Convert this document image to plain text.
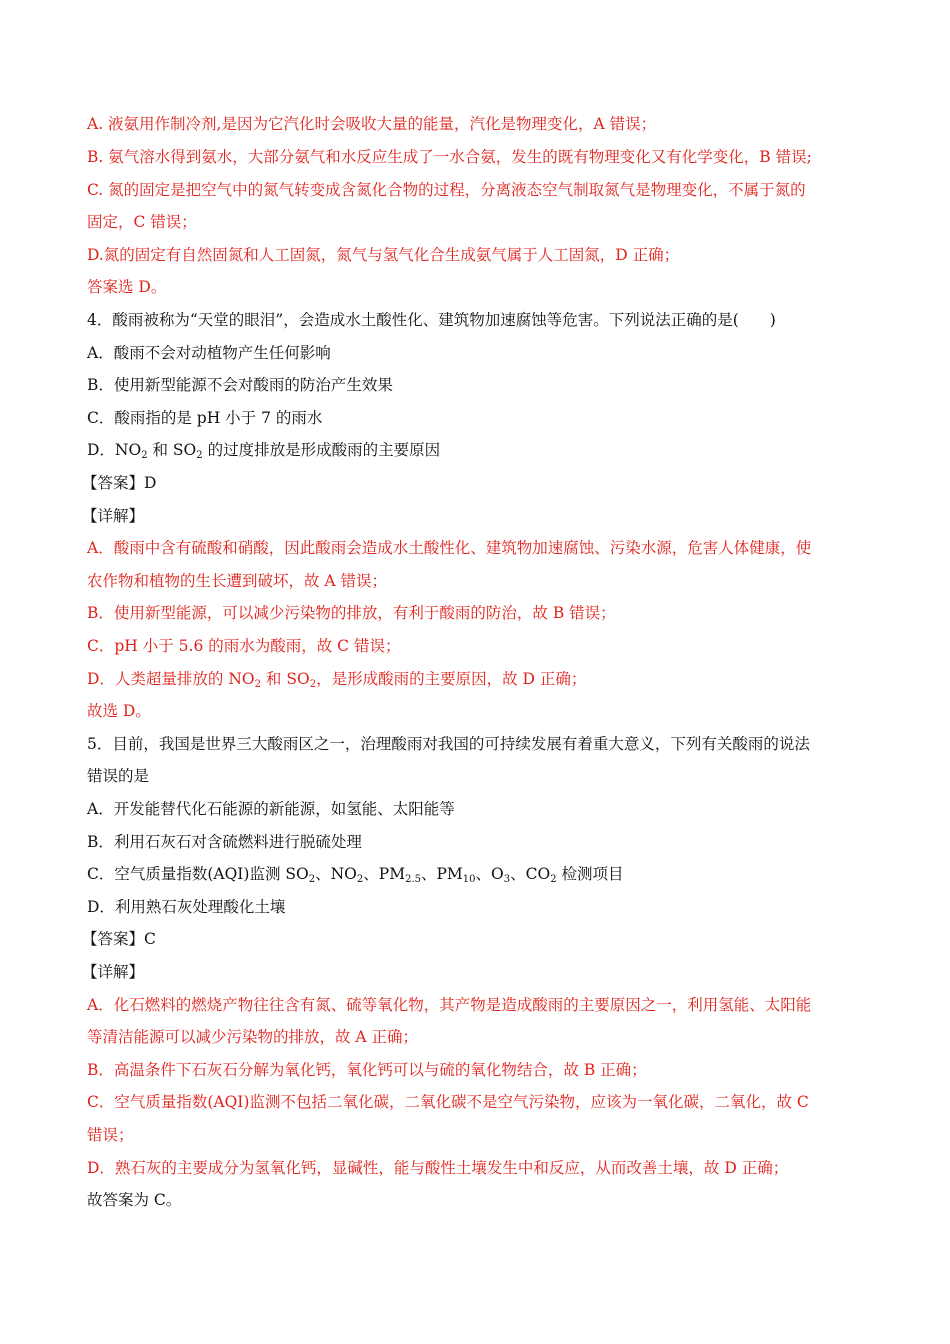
A. 液氨用作制冷剂,是因为它汽化时会吸收大量的能量，汽化是物理变化，A 错误；
B. 氨气溶水得到氨水，大部分氨气和水反应生成了一水合氨，发生的既有物理变化又有化学变化，B 错误;
C. 氮的固定是把空气中的氮气转变成含氮化合物的过程，分离液态空气制取氮气是物理变化，不属于氮的
固定，C 错误；
D.氮的固定有自然固氮和人工固氮，氮气与氢气化合生成氨气属于人工固氮，D 正确；
答案选 D。
4．酸雨被称为“天堂的眼泪”，会造成水土酸性化、建筑物加速腐蚀等危害。下列说法正确的是(　　)
A．酸雨不会对动植物产生任何影响
B．使用新型能源不会对酸雨的防治产生效果
C．酸雨指的是 pH 小于 7 的雨水
D．$NO_2$ 和 $SO_2$ 的过度排放是形成酸雨的主要原因
【答案】D
【详解】
A．酸雨中含有硫酸和硝酸，因此酸雨会造成水土酸性化、建筑物加速腐蚀、污染水源，危害人体健康，使
农作物和植物的生长遭到破坏，故 A 错误；
B．使用新型能源，可以减少污染物的排放，有利于酸雨的防治，故 B 错误；
C．pH 小于 5.6 的雨水为酸雨，故 C 错误；
D．人类超量排放的 $NO_2$ 和 $SO_2$，是形成酸雨的主要原因，故 D 正确；
故选 D。
5．目前，我国是世界三大酸雨区之一，治理酸雨对我国的可持续发展有着重大意义，下列有关酸雨的说法
错误的是
A．开发能替代化石能源的新能源，如氢能、太阳能等
B．利用石灰石对含硫燃料进行脱硫处理
C．空气质量指数(AQI)监测 $SO_2$、$NO_2$、$PM_{2.5}$、$PM_{10}$、$O_3$、$CO_2$ 检测项目
D．利用熟石灰处理酸化土壤
【答案】C
【详解】
A．化石燃料的燃烧产物往往含有氮、硫等氧化物，其产物是造成酸雨的主要原因之一，利用氢能、太阳能
等清洁能源可以减少污染物的排放，故 A 正确；
B．高温条件下石灰石分解为氧化钙，氧化钙可以与硫的氧化物结合，故 B 正确；
C．空气质量指数(AQI)监测不包括二氧化碳，二氧化碳不是空气污染物，应该为一氧化碳，二氧化，故 C
错误；
D．熟石灰的主要成分为氢氧化钙，显碱性，能与酸性土壤发生中和反应，从而改善土壤，故 D 正确；
故答案为 C。
